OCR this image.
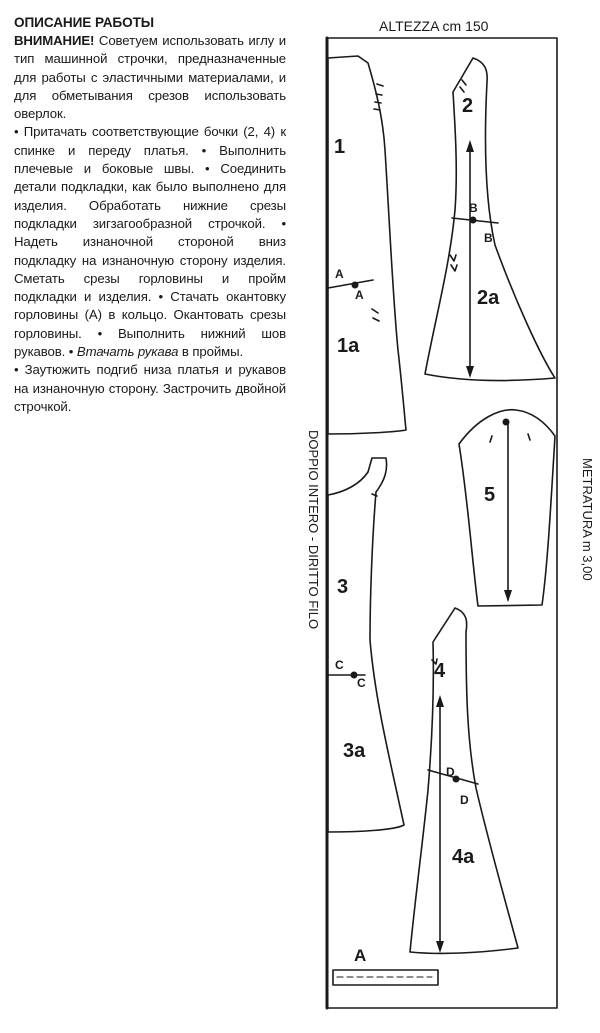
ОПИСАНИЕ РАБОТЫ

ВНИМАНИЕ! Советуем использовать иглу и тип машинной строчки, предназначенные для работы с эластичными материалами, и для обметывания срезов использовать оверлок.

• Притачать соответствующие бочки (2, 4) к спинке и переду платья. • Выполнить плечевые и боковые швы. • Соединить детали подкладки, как было выполнено для изделия. Обработать нижние срезы подкладки зигзагообразной строчкой. • Надеть изнаночной стороной вниз подкладку на изнаночную сторону изделия. Сметать срезы горловины и пройм подкладки и изделия. • Стачать окантовку горловины (А) в кольцо. Окантовать срезы горловины. • Выполнить нижний шов рукавов. • Втачать рукава в проймы.

• Заутюжить подгиб низа платья и рукавов на изнаночную сторону. Застрочить двойной строчкой.

ALTEZZA cm 150
DOPPIO INTERO - DIRITTO FILO	METRATURA m 3,00
1
1a
2
2a
3
3a
4
4a
5
A
A
A
B
B
C
C
D
D
